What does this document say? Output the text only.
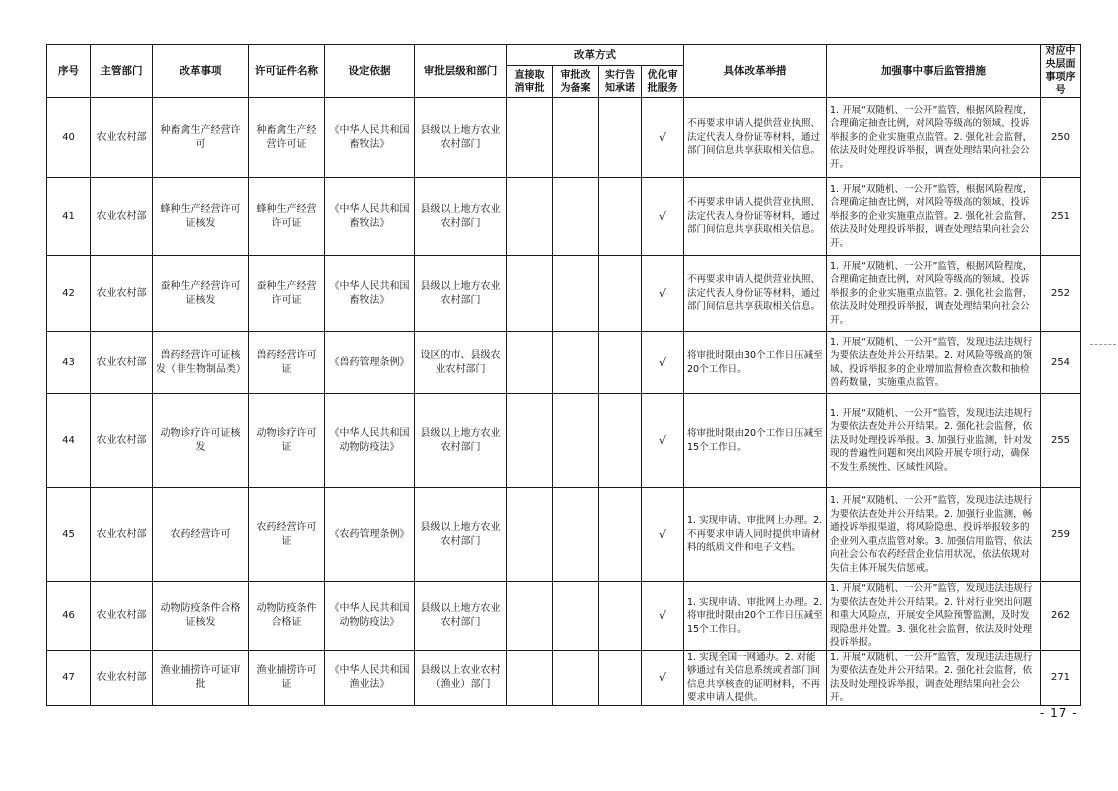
序号	主管部门	改革事项	许可证件名称	设定依据	审批层级和部门	改革方式				具体改革举措	加强事中事后监管措施	对应中央层面事项序号
						直接取消审批	审批改为备案	实行告知承诺	优化审批服务			
40	农业农村部	种畜禽生产经营许可	种畜禽生产经营许可证	《中华人民共和国畜牧法》	县级以上地方农业农村部门				√	不再要求申请人提供营业执照、法定代表人身份证等材料，通过部门间信息共享获取相关信息。	1. 开展“双随机、一公开”监管，根据风险程度，合理确定抽查比例，对风险等级高的领域、投诉举报多的企业实施重点监管。2. 强化社会监督，依法及时处理投诉举报，调查处理结果向社会公开。	250
41	农业农村部	蜂种生产经营许可证核发	蜂种生产经营许可证	《中华人民共和国畜牧法》	县级以上地方农业农村部门				√	不再要求申请人提供营业执照、法定代表人身份证等材料，通过部门间信息共享获取相关信息。	1. 开展“双随机、一公开”监管，根据风险程度，合理确定抽查比例，对风险等级高的领域、投诉举报多的企业实施重点监管。2. 强化社会监督，依法及时处理投诉举报，调查处理结果向社会公开。	251
42	农业农村部	蚕种生产经营许可证核发	蚕种生产经营许可证	《中华人民共和国畜牧法》	县级以上地方农业农村部门				√	不再要求申请人提供营业执照、法定代表人身份证等材料，通过部门间信息共享获取相关信息。	1. 开展“双随机、一公开”监管，根据风险程度，合理确定抽查比例，对风险等级高的领域、投诉举报多的企业实施重点监管。2. 强化社会监督，依法及时处理投诉举报，调查处理结果向社会公开。	252
43	农业农村部	兽药经营许可证核发（非生物制品类）	兽药经营许可证	《兽药管理条例》	设区的市、县级农业农村部门				√	将审批时限由30个工作日压减至20个工作日。	1. 开展“双随机、一公开”监管，发现违法违规行为要依法查处并公开结果。2. 对风险等级高的领域、投诉举报多的企业增加监督检查次数和抽检兽药数量，实施重点监管。	254
44	农业农村部	动物诊疗许可证核发	动物诊疗许可证	《中华人民共和国动物防疫法》	县级以上地方农业农村部门				√	将审批时限由20个工作日压减至15个工作日。	1. 开展“双随机、一公开”监管，发现违法违规行为要依法查处并公开结果。2. 强化社会监督，依法及时处理投诉举报。3. 加强行业监测，针对发现的普遍性问题和突出风险开展专项行动，确保不发生系统性、区域性风险。	255
45	农业农村部	农药经营许可	农药经营许可证	《农药管理条例》	县级以上地方农业农村部门				√	1. 实现申请、审批网上办理。2. 不再要求申请人同时提供申请材料的纸质文件和电子文档。	1. 开展“双随机、一公开”监管，发现违法违规行为要依法查处并公开结果。2. 加强行业监测，畅通投诉举报渠道，将风险隐患、投诉举报较多的企业列入重点监管对象。3. 加强信用监管，依法向社会公布农药经营企业信用状况，依法依规对失信主体开展失信惩戒。	259
46	农业农村部	动物防疫条件合格证核发	动物防疫条件合格证	《中华人民共和国动物防疫法》	县级以上地方农业农村部门				√	1. 实现申请、审批网上办理。2. 将审批时限由20个工作日压减至15个工作日。	1. 开展“双随机、一公开”监管，发现违法违规行为要依法查处并公开结果。2. 针对行业突出问题和重大风险点，开展安全风险预警监测，及时发现隐患并处置。3. 强化社会监督，依法及时处理投诉举报。	262
47	农业农村部	渔业捕捞许可证审批	渔业捕捞许可证	《中华人民共和国渔业法》	县级以上农业农村（渔业）部门				√	1. 实现全国一网通办。2. 对能够通过有关信息系统或者部门间信息共享核查的证明材料，不再要求申请人提供。	1. 开展“双随机、一公开”监管，发现违法违规行为要依法查处并公开结果。2. 强化社会监督，依法及时处理投诉举报，调查处理结果向社会公开。	271
- 17 -
